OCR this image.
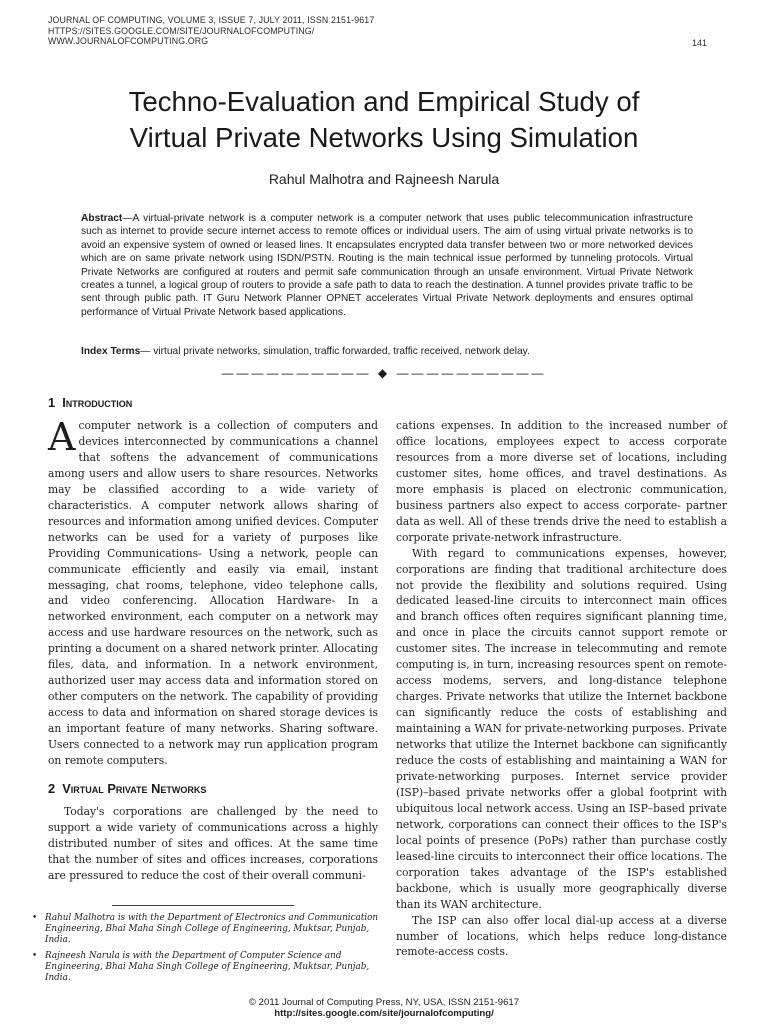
JOURNAL OF COMPUTING, VOLUME 3, ISSUE 7, JULY 2011, ISSN 2151-9617
HTTPS://SITES.GOOGLE.COM/SITE/JOURNALOFCOMPUTING/
WWW.JOURNALOFCOMPUTING.ORG	141
Techno-Evaluation and Empirical Study of
Virtual Private Networks Using Simulation
Rahul Malhotra and Rajneesh Narula
Abstract—A virtual-private network is a computer network is a computer network that uses public telecommunication infrastructure such as internet to provide secure internet access to remote offices or individual users. The aim of using virtual private networks is to avoid an expensive system of owned or leased lines. It encapsulates encrypted data transfer between two or more networked devices which are on same private network using ISDN/PSTN. Routing is the main technical issue performed by tunneling protocols. Virtual Private Networks are configured at routers and permit safe communication through an unsafe environment. Virtual Private Network creates a tunnel, a logical group of routers to provide a safe path to data to reach the destination. A tunnel provides private traffic to be sent through public path. IT Guru Network Planner OPNET accelerates Virtual Private Network deployments and ensures optimal performance of Virtual Private Network based applications.
Index Terms— virtual private networks, simulation, traffic forwarded, traffic received, network delay.
—————————— ◆ ——————————
1 Introduction

Acomputer network is a collection of computers and devices interconnected by communications a channel that softens the advancement of communications among users and allow users to share resources. Networks may be classified according to a wide variety of characteristics. A computer network allows sharing of resources and information among unified devices. Computer networks can be used for a variety of purposes like Providing Communications- Using a network, people can communicate efficiently and easily via email, instant messaging, chat rooms, telephone, video telephone calls, and video conferencing. Allocation Hardware- In a networked environment, each computer on a network may access and use hardware resources on the network, such as printing a document on a shared network printer. Allocating files, data, and information. In a network environment, authorized user may access data and information stored on other computers on the network. The capability of providing access to data and information on shared storage devices is an important feature of many networks. Sharing software. Users connected to a network may run application program on remote computers.

2 Virtual Private Networks

Today's corporations are challenged by the need to support a wide variety of communications across a highly distributed number of sites and offices. At the same time that the number of sites and offices increases, corporations are pressured to reduce the cost of their overall communi-

• Rahul Malhotra is with the Department of Electronics and Communication Engineering, Bhai Maha Singh College of Engineering, Muktsar, Punjab, India.
• Rajneesh Narula is with the Department of Computer Science and Engineering, Bhai Maha Singh College of Engineering, Muktsar, Punjab, India.

cations expenses. In addition to the increased number of office locations, employees expect to access corporate resources from a more diverse set of locations, including customer sites, home offices, and travel destinations. As more emphasis is placed on electronic communication, business partners also expect to access corporate- partner data as well. All of these trends drive the need to establish a corporate private-network infrastructure.

With regard to communications expenses, however, corporations are finding that traditional architecture does not provide the flexibility and solutions required. Using dedicated leased-line circuits to interconnect main offices and branch offices often requires significant planning time, and once in place the circuits cannot support remote or customer sites. The increase in telecommuting and remote computing is, in turn, increasing resources spent on remote-access modems, servers, and long-distance telephone charges. Private networks that utilize the Internet backbone can significantly reduce the costs of establishing and maintaining a WAN for private-networking purposes. Private networks that utilize the Internet backbone can significantly reduce the costs of establishing and maintaining a WAN for private-networking purposes. Internet service provider (ISP)–based private networks offer a global footprint with ubiquitous local network access. Using an ISP–based private network, corporations can connect their offices to the ISP's local points of presence (PoPs) rather than purchase costly leased-line circuits to interconnect their office locations. The corporation takes advantage of the ISP's established backbone, which is usually more geographically diverse than its WAN architecture.

The ISP can also offer local dial-up access at a diverse number of locations, which helps reduce long-distance remote-access costs.

© 2011 Journal of Computing Press, NY, USA, ISSN 2151-9617
http://sites.google.com/site/journalofcomputing/
